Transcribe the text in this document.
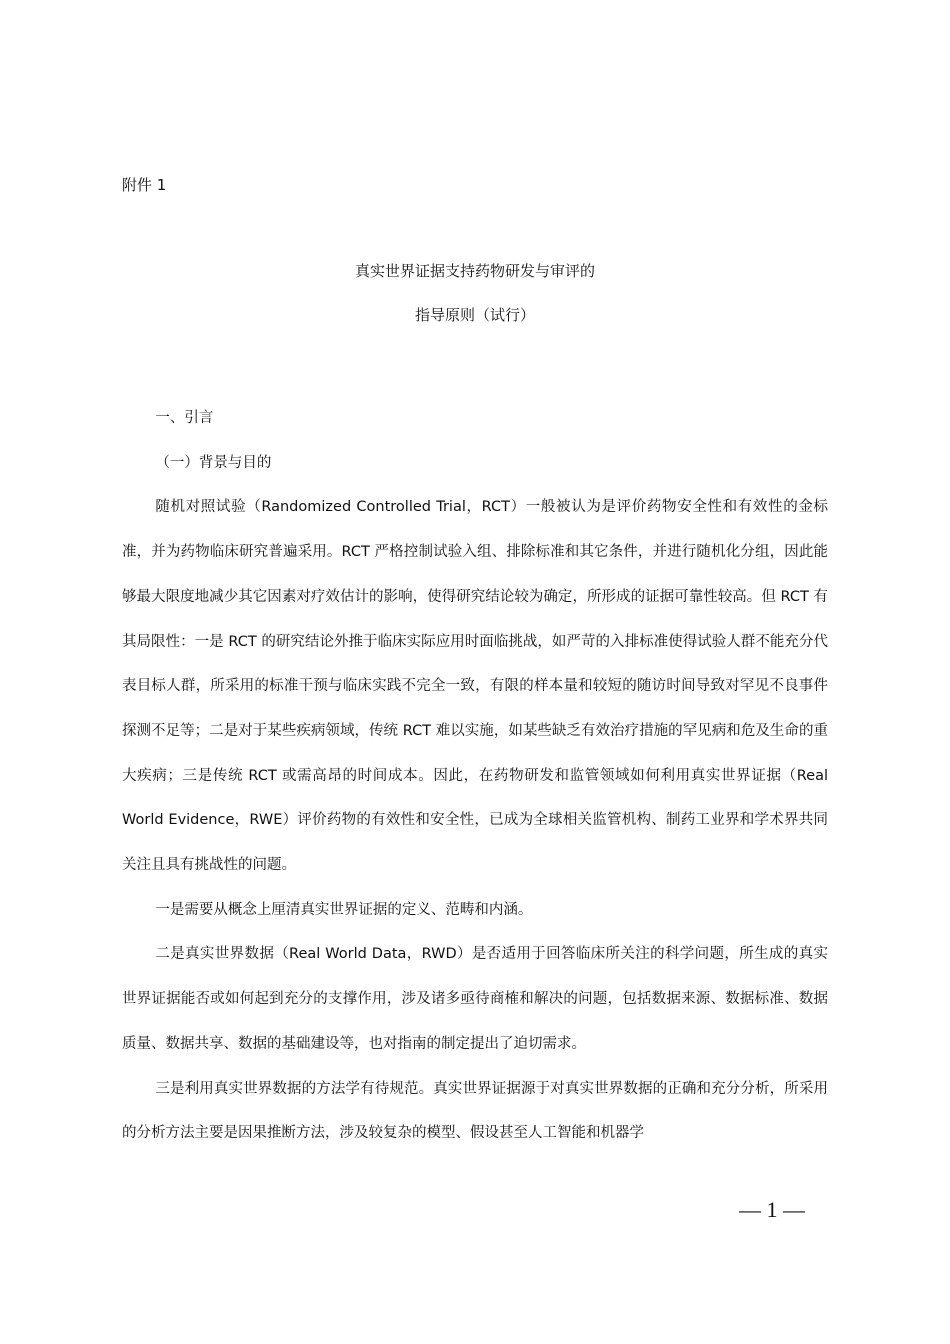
附件 1
真实世界证据支持药物研发与审评的
指导原则（试行）

一、引言

（一）背景与目的

随机对照试验（Randomized Controlled Trial，RCT）一般被认为是评价药物安全性和有效性的金标准，并为药物临床研究普遍采用。RCT 严格控制试验入组、排除标准和其它条件，并进行随机化分组，因此能够最大限度地减少其它因素对疗效估计的影响，使得研究结论较为确定，所形成的证据可靠性较高。但 RCT 有其局限性：一是 RCT 的研究结论外推于临床实际应用时面临挑战，如严苛的入排标准使得试验人群不能充分代表目标人群，所采用的标准干预与临床实践不完全一致，有限的样本量和较短的随访时间导致对罕见不良事件探测不足等；二是对于某些疾病领域，传统 RCT 难以实施，如某些缺乏有效治疗措施的罕见病和危及生命的重大疾病；三是传统 RCT 或需高昂的时间成本。因此，在药物研发和监管领域如何利用真实世界证据（Real World Evidence，RWE）评价药物的有效性和安全性，已成为全球相关监管机构、制药工业界和学术界共同关注且具有挑战性的问题。

一是需要从概念上厘清真实世界证据的定义、范畴和内涵。

二是真实世界数据（Real World Data，RWD）是否适用于回答临床所关注的科学问题，所生成的真实世界证据能否或如何起到充分的支撑作用，涉及诸多亟待商榷和解决的问题，包括数据来源、数据标准、数据质量、数据共享、数据的基础建设等，也对指南的制定提出了迫切需求。

三是利用真实世界数据的方法学有待规范。真实世界证据源于对真实世界数据的正确和充分分析，所采用的分析方法主要是因果推断方法，涉及较复杂的模型、假设甚至人工智能和机器学

— 1 —
